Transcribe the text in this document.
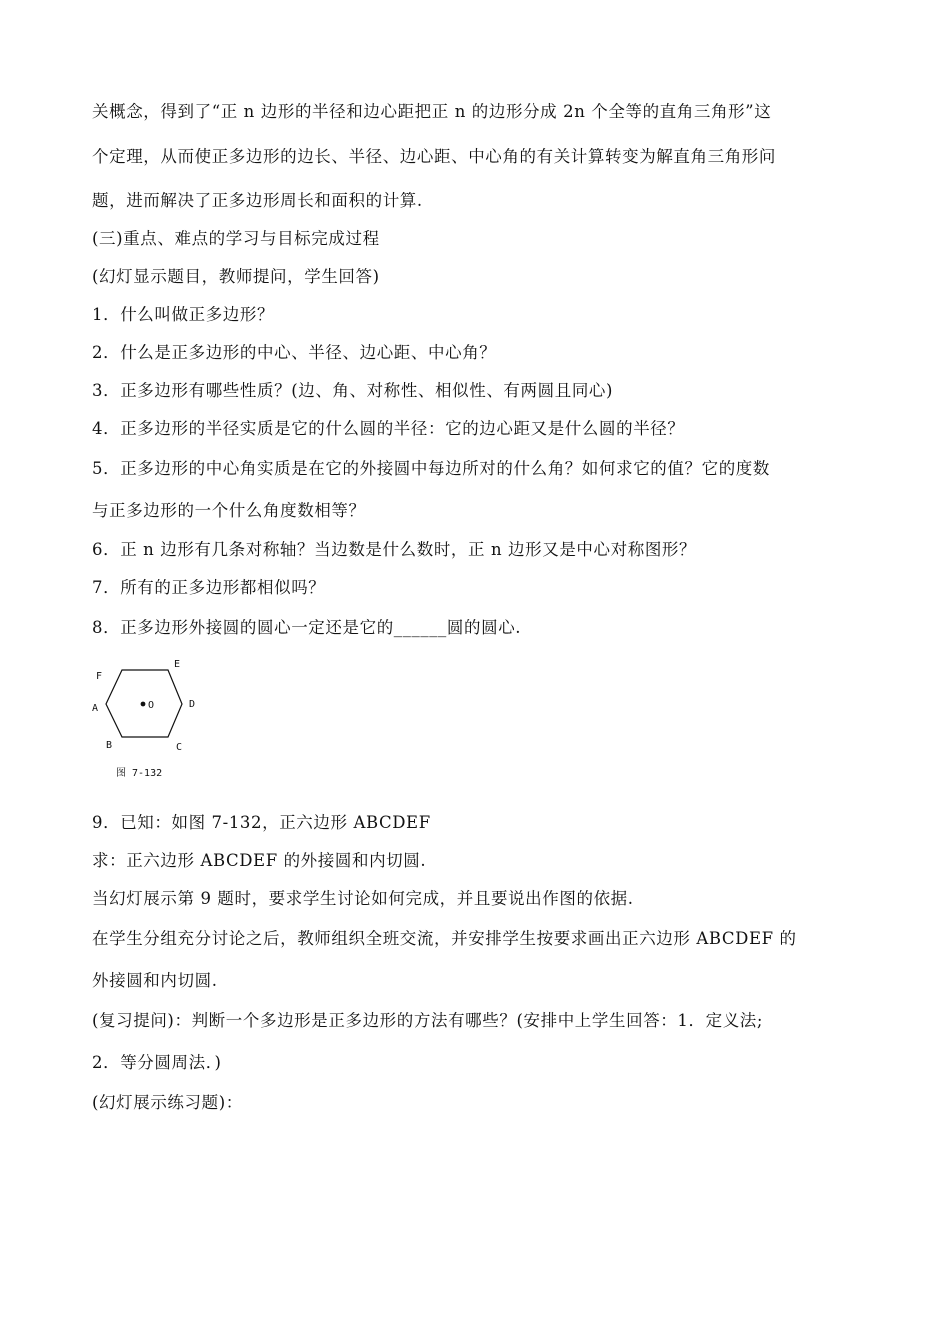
关概念，得到了“正 n 边形的半径和边心距把正 n 的边形分成 2n 个全等的直角三角形”这
个定理，从而使正多边形的边长、半径、边心距、中心角的有关计算转变为解直角三角形问
题，进而解决了正多边形周长和面积的计算.
(三)重点、难点的学习与目标完成过程
(幻灯显示题目，教师提问，学生回答)
1．什么叫做正多边形？
2．什么是正多边形的中心、半径、边心距、中心角？
3．正多边形有哪些性质？(边、角、对称性、相似性、有两圆且同心)
4．正多边形的半径实质是它的什么圆的半径：它的边心距又是什么圆的半径？
5．正多边形的中心角实质是在它的外接圆中每边所对的什么角？如何求它的值？它的度数
与正多边形的一个什么角度数相等？
6．正 n 边形有几条对称轴？当边数是什么数时，正 n 边形又是中心对称图形？
7．所有的正多边形都相似吗？
8．正多边形外接圆的圆心一定还是它的______圆的圆心.
O
A
B	C
D
E
F
图 7-132
9．已知：如图 7-132，正六边形 ABCDEF
求：正六边形 ABCDEF 的外接圆和内切圆.
当幻灯展示第 9 题时，要求学生讨论如何完成，并且要说出作图的依据.
在学生分组充分讨论之后，教师组织全班交流，并安排学生按要求画出正六边形 ABCDEF 的
外接圆和内切圆.
(复习提问)：判断一个多边形是正多边形的方法有哪些？(安排中上学生回答：1．定义法;
2．等分圆周法．)
(幻灯展示练习题)：
